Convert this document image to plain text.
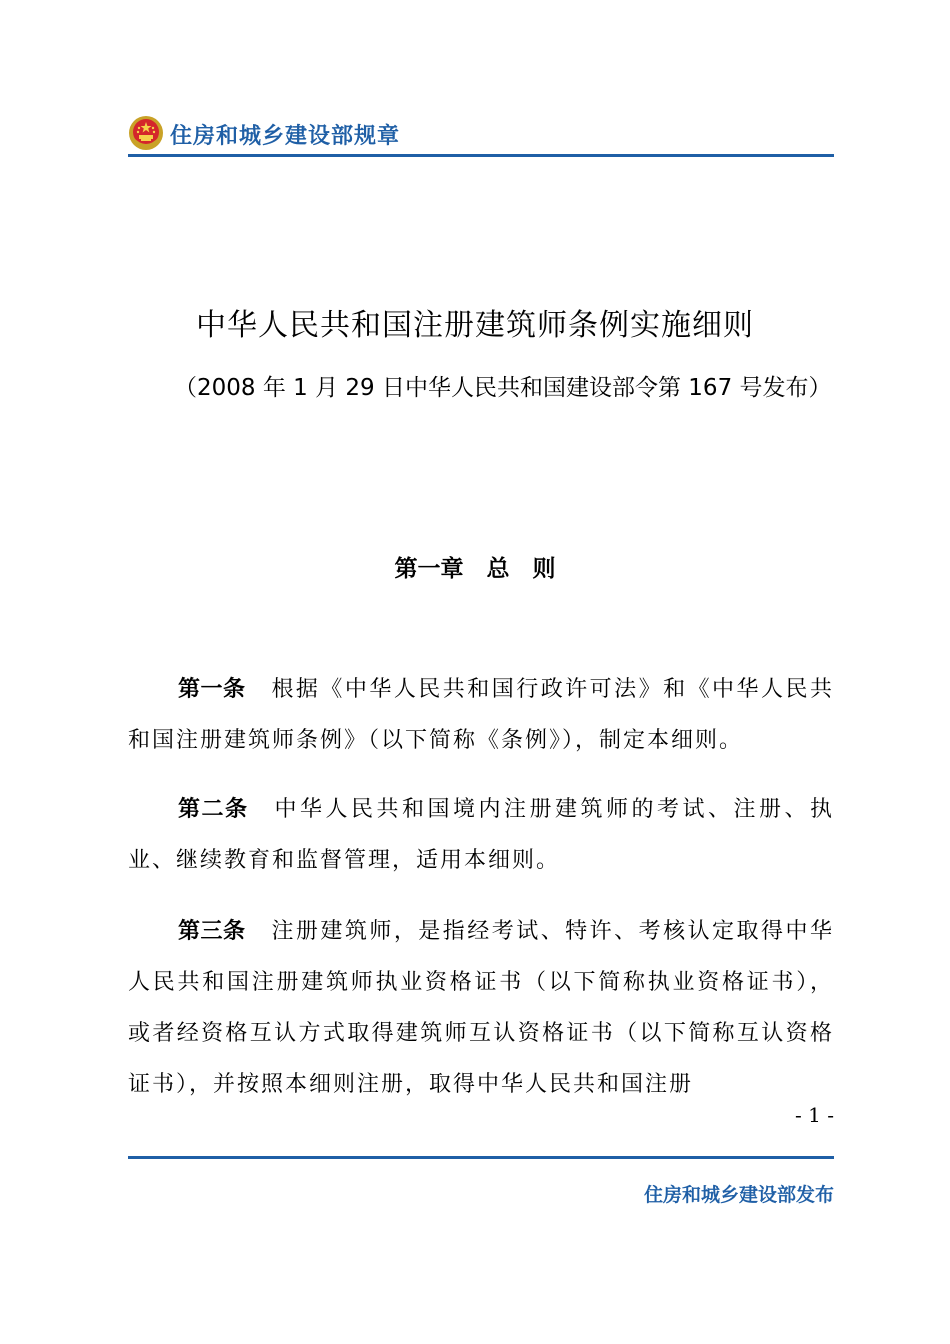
住房和城乡建设部规章
中华人民共和国注册建筑师条例实施细则
（2008 年 1 月 29 日中华人民共和国建设部令第 167 号发布）
第一章　总　则
第一条 根据《中华人民共和国行政许可法》和《中华人民共和国注册建筑师条例》（以下简称《条例》），制定本细则。
第二条 中华人民共和国境内注册建筑师的考试、注册、执业、继续教育和监督管理，适用本细则。
第三条 注册建筑师，是指经考试、特许、考核认定取得中华人民共和国注册建筑师执业资格证书（以下简称执业资格证书），或者经资格互认方式取得建筑师互认资格证书（以下简称互认资格证书），并按照本细则注册，取得中华人民共和国注册
- 1 -
住房和城乡建设部发布
